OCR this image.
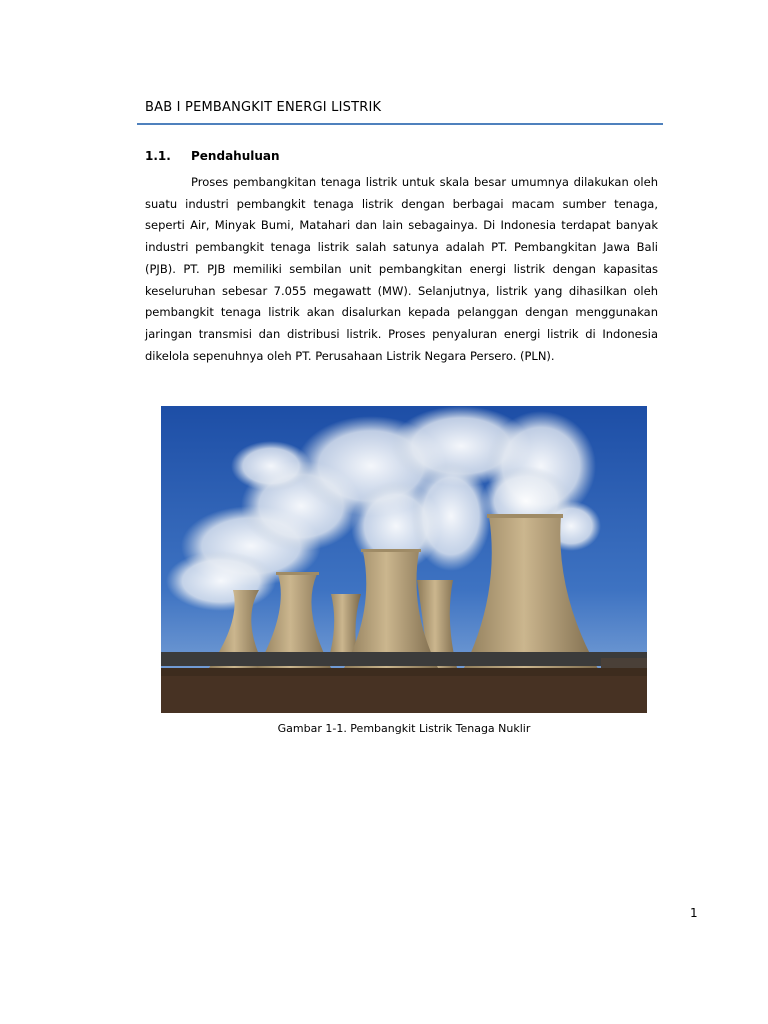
BAB I PEMBANGKIT ENERGI LISTRIK
1.1. Pendahuluan

Proses pembangkitan tenaga listrik untuk skala besar umumnya dilakukan oleh suatu industri pembangkit tenaga listrik dengan berbagai macam sumber tenaga, seperti Air, Minyak Bumi, Matahari dan lain sebagainya. Di Indonesia terdapat banyak industri pembangkit tenaga listrik salah satunya adalah PT. Pembangkitan Jawa Bali (PJB). PT. PJB memiliki sembilan unit pembangkitan energi listrik dengan kapasitas keseluruhan sebesar 7.055 megawatt (MW). Selanjutnya, listrik yang dihasilkan oleh pembangkit tenaga listrik akan disalurkan kepada pelanggan dengan menggunakan jaringan transmisi dan distribusi listrik. Proses penyaluran energi listrik di Indonesia dikelola sepenuhnya oleh PT. Perusahaan Listrik Negara Persero. (PLN).

Gambar 1-1. Pembangkit Listrik Tenaga Nuklir
1
